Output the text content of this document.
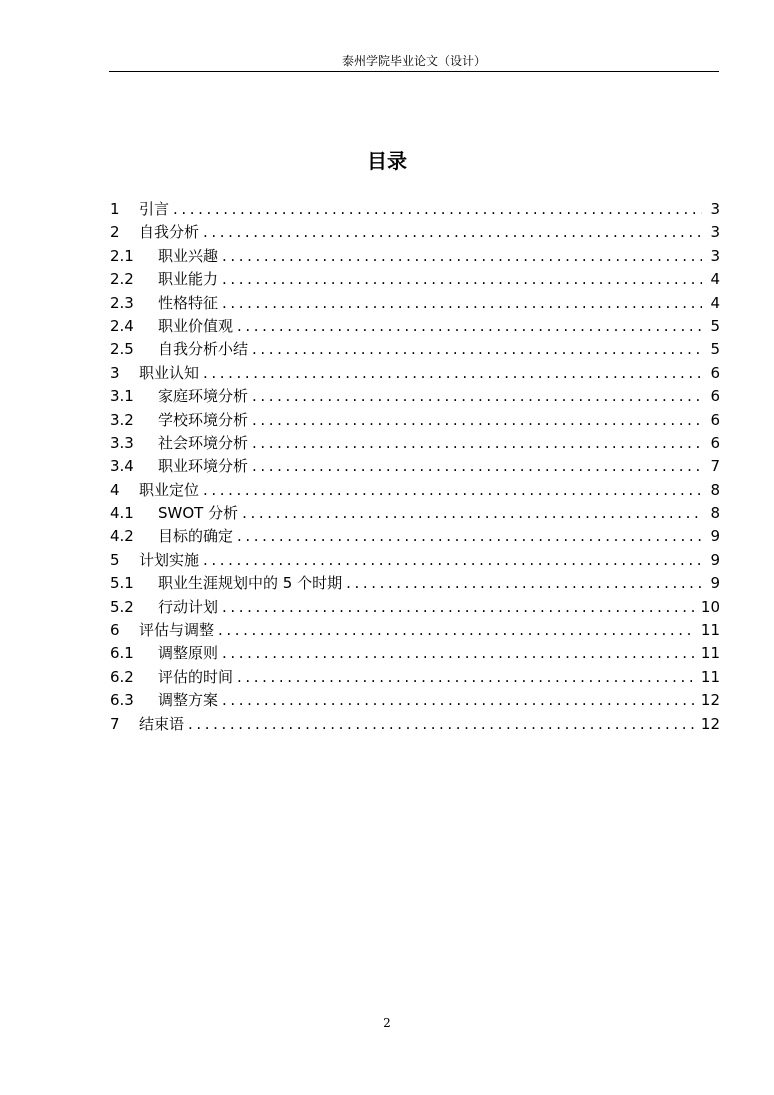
泰州学院毕业论文（设计）
目录
1	引言 .....	3
2	自我分析 .....	3
2.1	职业兴趣 .....	3
2.2	职业能力 .....	4
2.3	性格特征 .....	4
2.4	职业价值观 .....	5
2.5	自我分析小结 .....	5
3	职业认知 .....	6
3.1	家庭环境分析 .....	6
3.2	学校环境分析 .....	6
3.3	社会环境分析 .....	6
3.4	职业环境分析 .....	7
4	职业定位 .....	8
4.1	SWOT 分析 .....	8
4.2	目标的确定 .....	9
5	计划实施 .....	9
5.1	职业生涯规划中的 5 个时期 .....	9
5.2	行动计划 .....	10
6	评估与调整 .....	11
6.1	调整原则 .....	11
6.2	评估的时间 .....	11
6.3	调整方案 .....	12
7	结束语 .....	12
2
